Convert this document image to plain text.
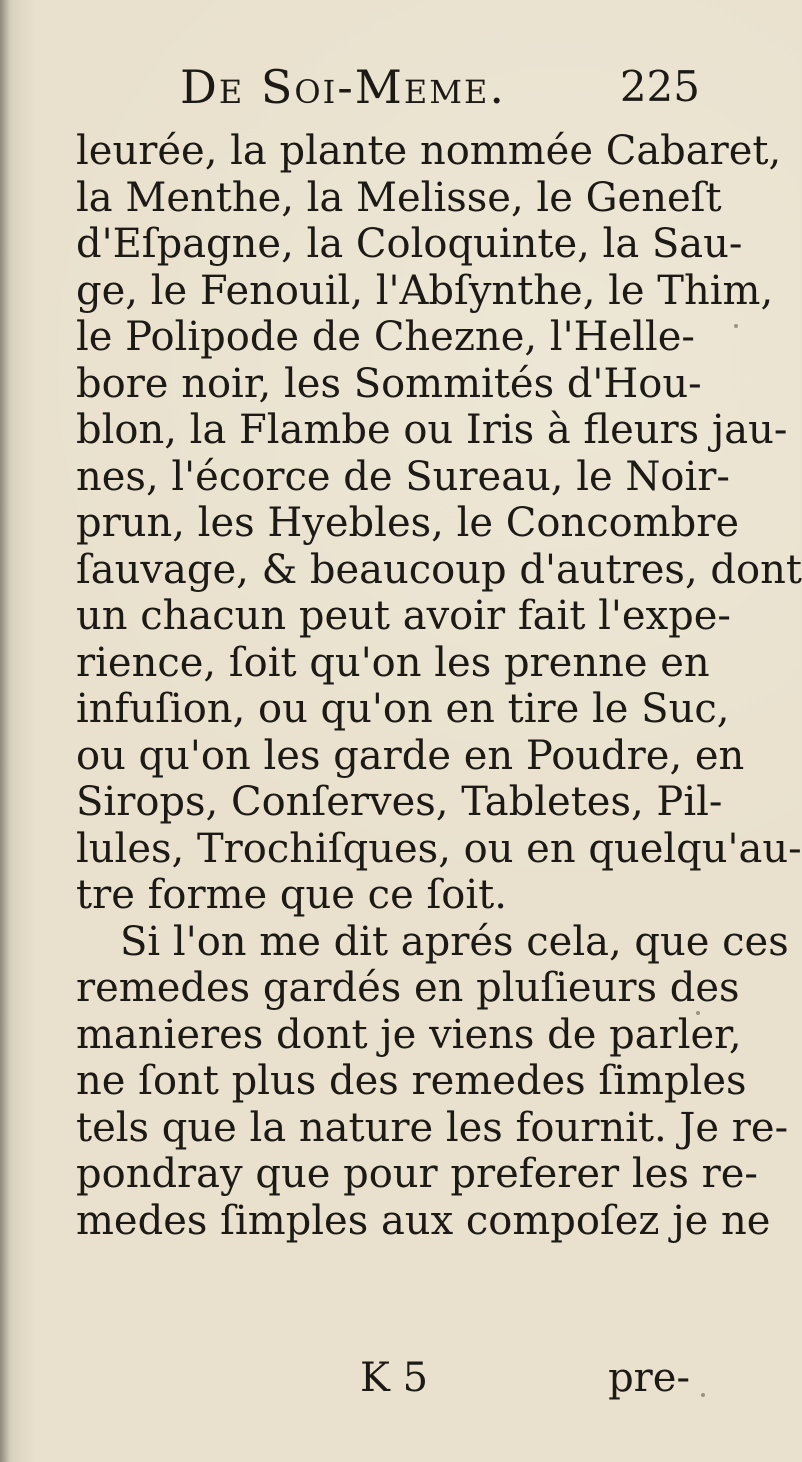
De Soi-Meme.	225
leurée, la plante nommée Cabaret,
la Menthe, la Melisse, le Geneſt
d'Eſpagne, la Coloquinte, la Sau-
ge, le Fenouil, l'Abſynthe, le Thim,
le Polipode de Chezne, l'Helle-
bore noir, les Sommités d'Hou-
blon, la Flambe ou Iris à fleurs jau-
nes, l'écorce de Sureau, le Noir-
prun, les Hyebles, le Concombre
ſauvage, & beaucoup d'autres, dont
un chacun peut avoir fait l'expe-
rience, ſoit qu'on les prenne en
infuſion, ou qu'on en tire le Suc,
ou qu'on les garde en Poudre, en
Sirops, Conſerves, Tabletes, Pil-
lules, Trochiſques, ou en quelqu'au-
tre forme que ce ſoit.
Si l'on me dit aprés cela, que ces
remedes gardés en pluſieurs des
manieres dont je viens de parler,
ne ſont plus des remedes ſimples
tels que la nature les fournit. Je re-
pondray que pour preferer les re-
medes ſimples aux compoſez je ne
K 5	pre-
